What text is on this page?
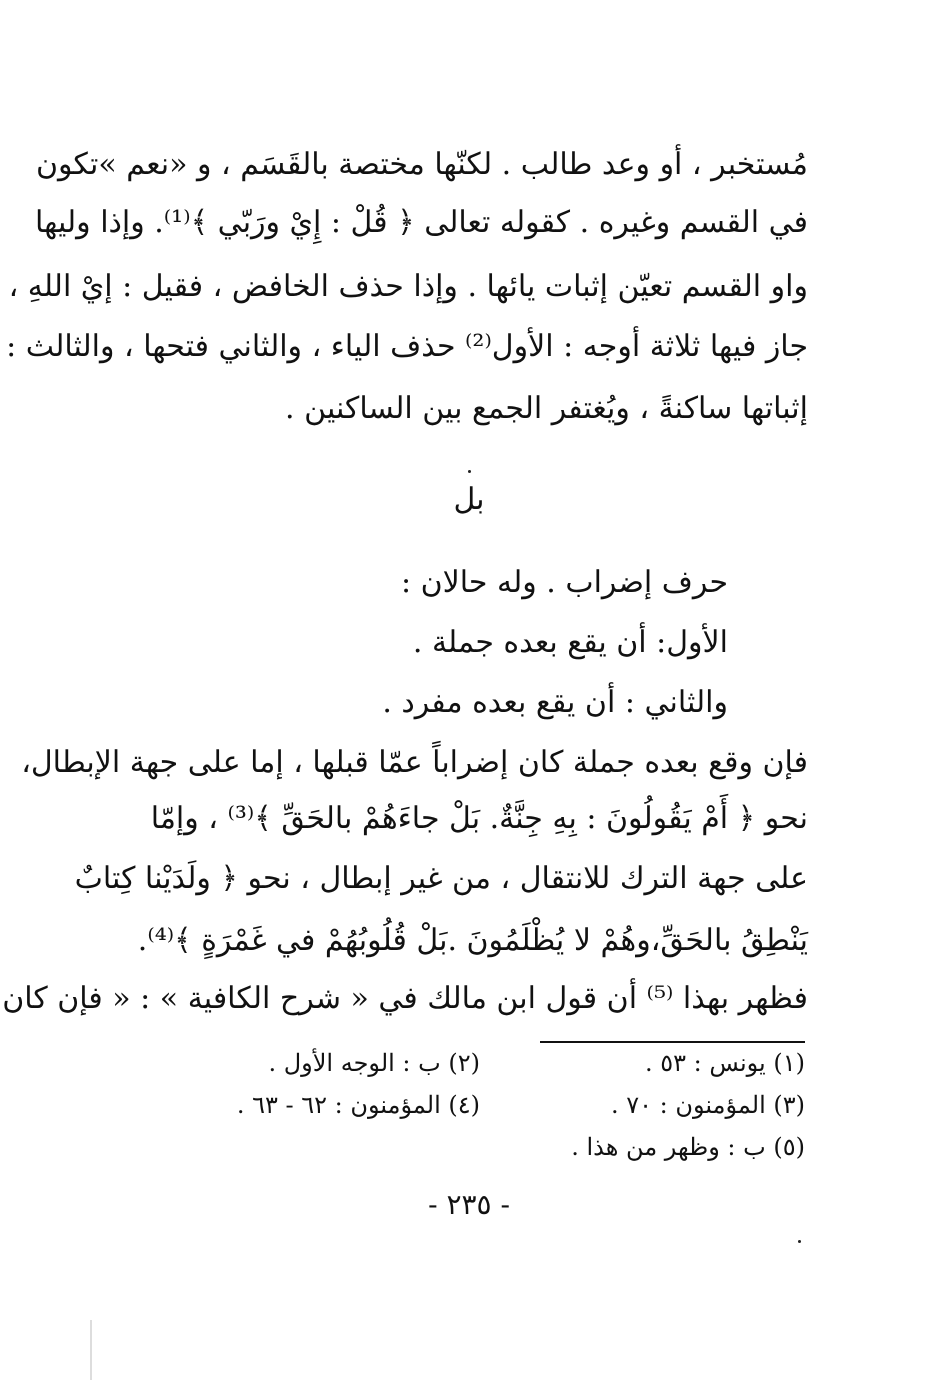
مُستخبر ، أو وعد طالب . لكنّها مختصة بالقَسَم ، و «نعم »تكون
في القسم وغيره . كقوله تعالى ﴿ قُلْ : إِيْ ورَبّي ﴾⁽¹⁾. وإذا وليها
واو القسم تعيّن إثبات يائها . وإذا حذف الخافض ، فقيل : إيْ اللهِ ،
جاز فيها ثلاثة أوجه : الأول⁽²⁾ حذف الياء ، والثاني فتحها ، والثالث :
إثباتها ساكنةً ، ويُغتفر الجمع بين الساكنين .
بل
حرف إضراب . وله حالان :
الأول: أن يقع بعده جملة .
والثاني : أن يقع بعده مفرد .
فإن وقع بعده جملة كان إضراباً عمّا قبلها ، إما على جهة الإبطال،
نحو ﴿ أَمْ يَقُولُونَ : بِهِ جِنَّةٌ. بَلْ جاءَهُمْ بالحَقِّ ﴾⁽³⁾ ، وإمّا
على جهة الترك للانتقال ، من غير إبطال ، نحو ﴿ ولَدَيْنا كِتابٌ
يَنْطِقُ بالحَقِّ،وهُمْ لا يُظْلَمُونَ .بَلْ قُلُوبُهُمْ في غَمْرَةٍ ﴾⁽⁴⁾.
فظهر بهذا ⁽⁵⁾ أن قول ابن مالك في « شرح الكافية » : « فإن كان
(١) يونس : ٥٣ .
(٢) ب : الوجه الأول .
(٣) المؤمنون : ٧٠ .
(٤) المؤمنون : ٦٢ - ٦٣ .
(٥) ب : وظهر من هذا .
- ٢٣٥ -
